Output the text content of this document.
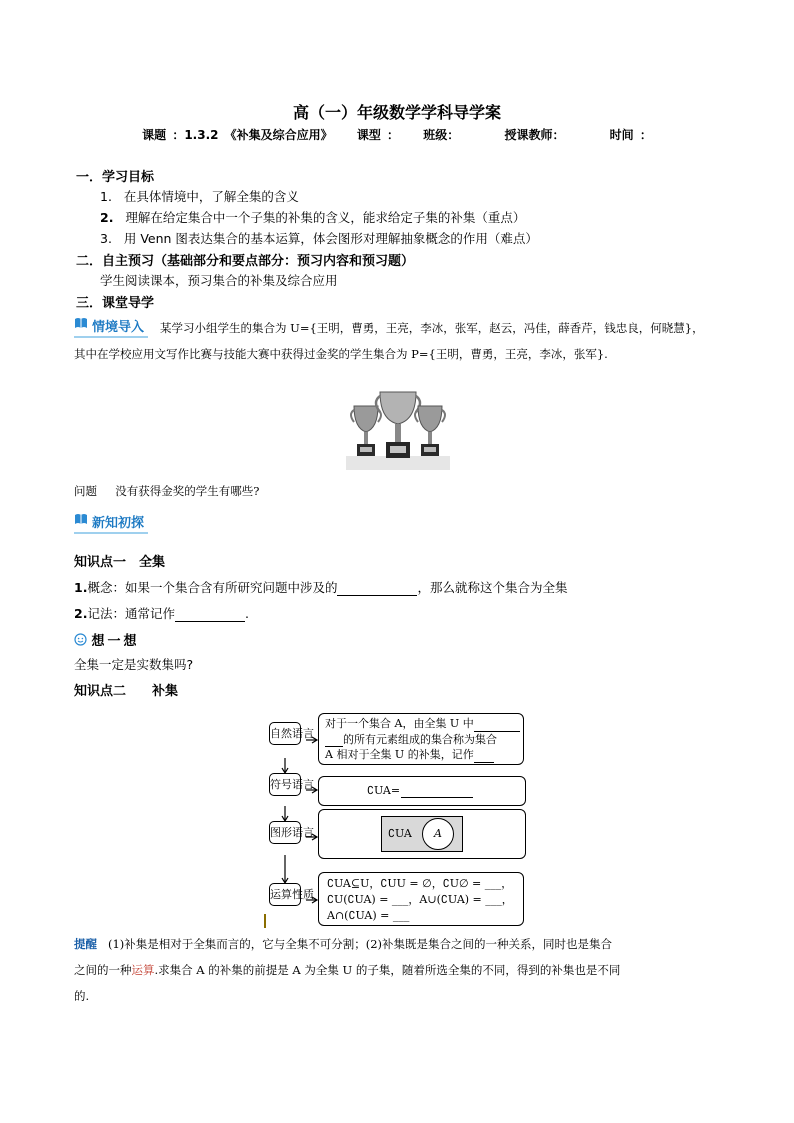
高（一）年级数学学科导学案
课题 ：1.3.2 《补集及综合应用》 课型 ： 班级：	授课教师：	时间 ：
一．学习目标
1. 在具体情境中，了解全集的含义
2. 理解在给定集合中一个子集的补集的含义，能求给定子集的补集（重点）
3. 用 Venn 图表达集合的基本运算，体会图形对理解抽象概念的作用（难点）
二．自主预习（基础部分和要点部分：预习内容和预习题）
学生阅读课本，预习集合的补集及综合应用
三．课堂导学
情境导入	某学习小组学生的集合为 U={王明，曹勇，王亮，李冰，张军，赵云，冯佳，薛香芹，钱忠良，何晓慧}，
其中在学校应用文写作比赛与技能大赛中获得过金奖的学生集合为 P={王明，曹勇，王亮，李冰，张军}.
问题 没有获得金奖的学生有哪些?
新知初探
知识点一　全集
1.概念：如果一个集合含有所研究问题中涉及的	，那么就称这个集合为全集
2.记法：通常记作	.
想一想
全集一定是实数集吗?
知识点二　　补集
自然语言
对于一个集合 A，由全集 U 中
的所有元素组成的集合称为集合
A 相对于全集 U 的补集，记作
符号语言	∁UA=
图形语言	∁UA	A
运算性质
∁UA⊆U，∁UU = ∅，∁U∅ = ___，
∁U(∁UA) = ___，A∪(∁UA) = ___，
A∩(∁UA) = ___
提醒 (1)补集是相对于全集而言的，它与全集不可分割；(2)补集既是集合之间的一种关系，同时也是集合
之间的一种运算.求集合 A 的补集的前提是 A 为全集 U 的子集，随着所选全集的不同，得到的补集也是不同
的.
